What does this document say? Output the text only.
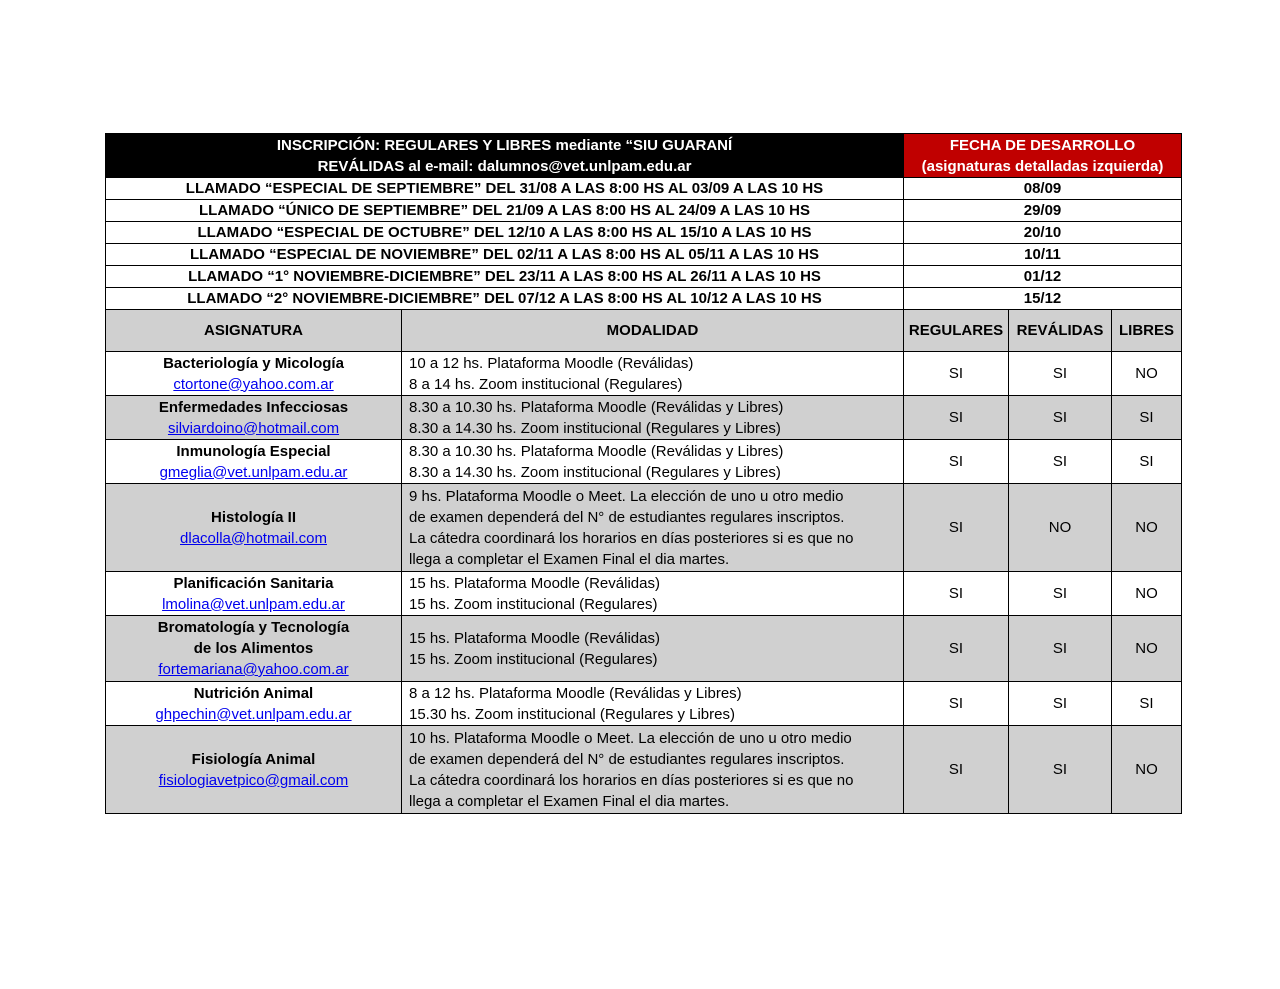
INSCRIPCIÓN: REGULARES Y LIBRES mediante “SIU GUARANÍ
REVÁLIDAS al e-mail: dalumnos@vet.unlpam.edu.ar		FECHA DE DESARROLLO
(asignaturas detalladas izquierda)		

LLAMADO “ESPECIAL DE SEPTIEMBRE” DEL 31/08 A LAS 8:00 HS AL 03/09 A LAS 10 HS		08/09		
LLAMADO “ÚNICO DE SEPTIEMBRE” DEL 21/09 A LAS 8:00 HS AL 24/09 A LAS 10 HS		29/09		
LLAMADO “ESPECIAL DE OCTUBRE” DEL 12/10 A LAS 8:00 HS AL 15/10 A LAS 10 HS		20/10		
LLAMADO “ESPECIAL DE NOVIEMBRE” DEL 02/11 A LAS 8:00 HS AL 05/11 A LAS 10 HS		10/11		
LLAMADO “1° NOVIEMBRE-DICIEMBRE” DEL 23/11 A LAS 8:00 HS AL 26/11 A LAS 10 HS		01/12		
LLAMADO “2° NOVIEMBRE-DICIEMBRE” DEL 07/12 A LAS 8:00 HS AL 10/12 A LAS 10 HS		15/12		
ASIGNATURA	MODALIDAD	REGULARES	REVÁLIDAS	LIBRES

Bacteriología y Micología
ctortone@yahoo.com.ar	10 a 12 hs. Plataforma Moodle (Reválidas)
8 a 14 hs. Zoom institucional (Regulares)	SI	SI	NO

Enfermedades Infecciosas
silviardoino@hotmail.com	8.30 a 10.30 hs. Plataforma Moodle (Reválidas y Libres)
8.30 a 14.30 hs. Zoom institucional (Regulares y Libres)	SI	SI	SI

Inmunología Especial
gmeglia@vet.unlpam.edu.ar	8.30 a 10.30 hs. Plataforma Moodle (Reválidas y Libres)
8.30 a 14.30 hs. Zoom institucional (Regulares y Libres)	SI	SI	SI

Histología II
dlacolla@hotmail.com	9 hs. Plataforma Moodle o Meet. La elección de uno u otro medio
de examen dependerá del N° de estudiantes regulares inscriptos.
La cátedra coordinará los horarios en días posteriores si es que no
llega a completar el Examen Final el dia martes.	SI	NO	NO

Planificación Sanitaria
lmolina@vet.unlpam.edu.ar	15 hs. Plataforma Moodle (Reválidas)
15 hs. Zoom institucional (Regulares)	SI	SI	NO

Bromatología y Tecnología
de los Alimentos
fortemariana@yahoo.com.ar	15 hs. Plataforma Moodle (Reválidas)
15 hs. Zoom institucional (Regulares)	SI	SI	NO

Nutrición Animal
ghpechin@vet.unlpam.edu.ar	8 a 12 hs. Plataforma Moodle (Reválidas y Libres)
15.30 hs. Zoom institucional (Regulares y Libres)	SI	SI	SI

Fisiología Animal
fisiologiavetpico@gmail.com	10 hs. Plataforma Moodle o Meet. La elección de uno u otro medio
de examen dependerá del N° de estudiantes regulares inscriptos.
La cátedra coordinará los horarios en días posteriores si es que no
llega a completar el Examen Final el dia martes.	SI	SI	NO
